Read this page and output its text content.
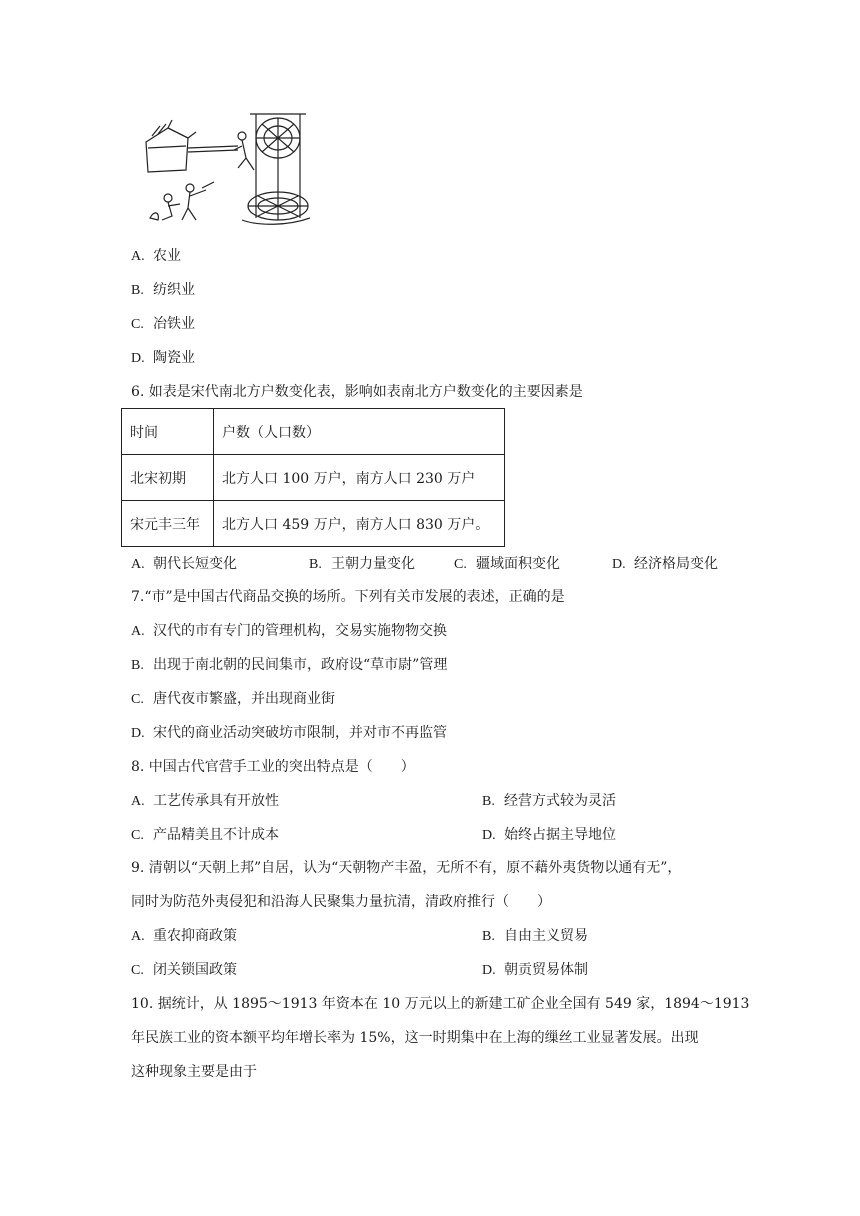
A. 农业
B. 纺织业
C. 冶铁业
D. 陶瓷业
6. 如表是宋代南北方户数变化表，影响如表南北方户数变化的主要因素是
时间	户数（人口数）
北宋初期	北方人口 100 万户，南方人口 230 万户
宋元丰三年	北方人口 459 万户，南方人口 830 万户。
A. 朝代长短变化	B. 王朝力量变化	C. 疆域面积变化	D. 经济格局变化
7.“市”是中国古代商品交换的场所。下列有关市发展的表述，正确的是
A. 汉代的市有专门的管理机构，交易实施物物交换
B. 出现于南北朝的民间集市，政府设“草市尉”管理
C. 唐代夜市繁盛，并出现商业街
D. 宋代的商业活动突破坊市限制，并对市不再监管
8. 中国古代官营手工业的突出特点是（　　）
A. 工艺传承具有开放性	B. 经营方式较为灵活
C. 产品精美且不计成本	D. 始终占据主导地位
9. 清朝以“天朝上邦”自居，认为“天朝物产丰盈，无所不有，原不藉外夷货物以通有无”，
同时为防范外夷侵犯和沿海人民聚集力量抗清，清政府推行（　　）
A. 重农抑商政策	B. 自由主义贸易
C. 闭关锁国政策	D. 朝贡贸易体制
10. 据统计，从 1895～1913 年资本在 10 万元以上的新建工矿企业全国有 549 家，1894～1913
年民族工业的资本额平均年增长率为 15%，这一时期集中在上海的缫丝工业显著发展。出现
这种现象主要是由于
